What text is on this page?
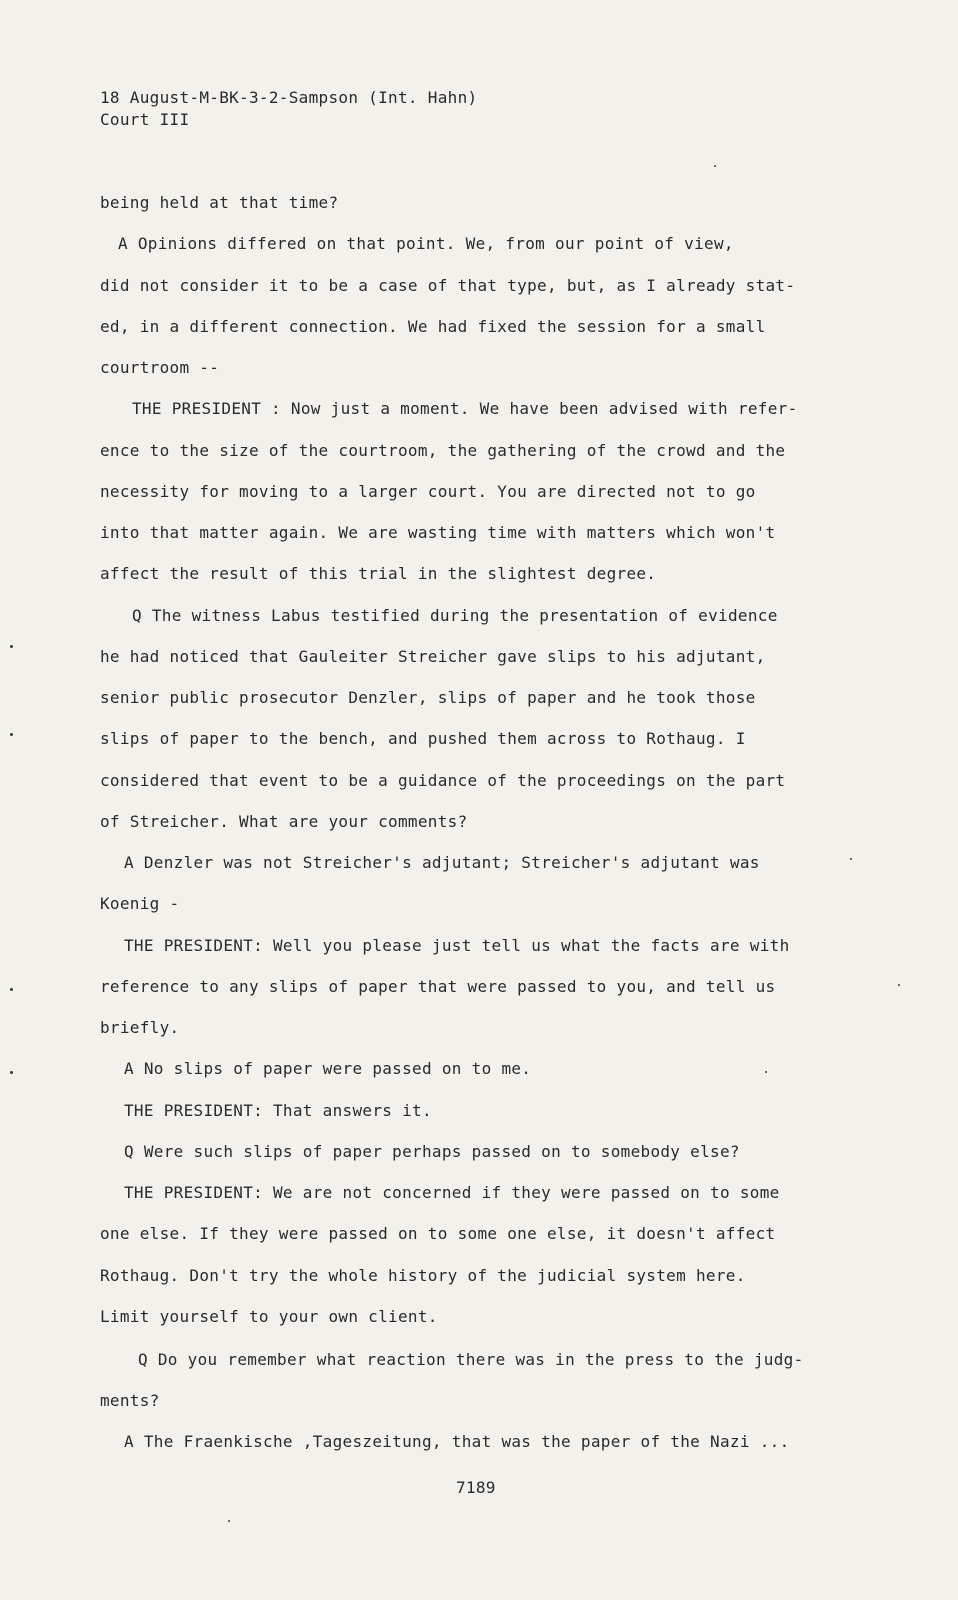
18 August-M-BK-3-2-Sampson (Int. Hahn)
Court III
being held at that time?
A Opinions differed on that point. We, from our point of view,
did not consider it to be a case of that type, but, as I already stat-
ed, in a different connection. We had fixed the session for a small
courtroom --
THE PRESIDENT : Now just a moment. We have been advised with refer-
ence to the size of the courtroom, the gathering of the crowd and the
necessity for moving to a larger court. You are directed not to go
into that matter again. We are wasting time with matters which won't
affect the result of this trial in the slightest degree.
Q The witness Labus testified during the presentation of evidence
he had noticed that Gauleiter Streicher gave slips to his adjutant,
senior public prosecutor Denzler, slips of paper and he took those
slips of paper to the bench, and pushed them across to Rothaug. I
considered that event to be a guidance of the proceedings on the part
of Streicher. What are your comments?
A Denzler was not Streicher's adjutant; Streicher's adjutant was
Koenig -
THE PRESIDENT: Well you please just tell us what the facts are with
reference to any slips of paper that were passed to you, and tell us
briefly.
A No slips of paper were passed on to me.
THE PRESIDENT: That answers it.
Q Were such slips of paper perhaps passed on to somebody else?
THE PRESIDENT: We are not concerned if they were passed on to some
one else. If they were passed on to some one else, it doesn't affect
Rothaug. Don't try the whole history of the judicial system here.
Limit yourself to your own client.
Q Do you remember what reaction there was in the press to the judg-
ments?
A The Fraenkische ,Tageszeitung, that was the paper of the Nazi ...
7189
